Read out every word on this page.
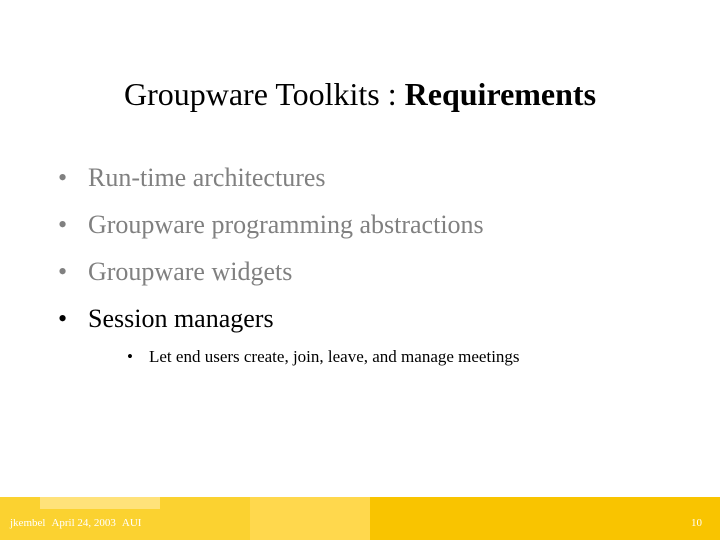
Groupware Toolkits : Requirements
• Run-time architectures
• Groupware programming abstractions
• Groupware widgets
• Session managers
• Let end users create, join, leave, and manage meetings
jkembel April 24, 2003 AUI	10
